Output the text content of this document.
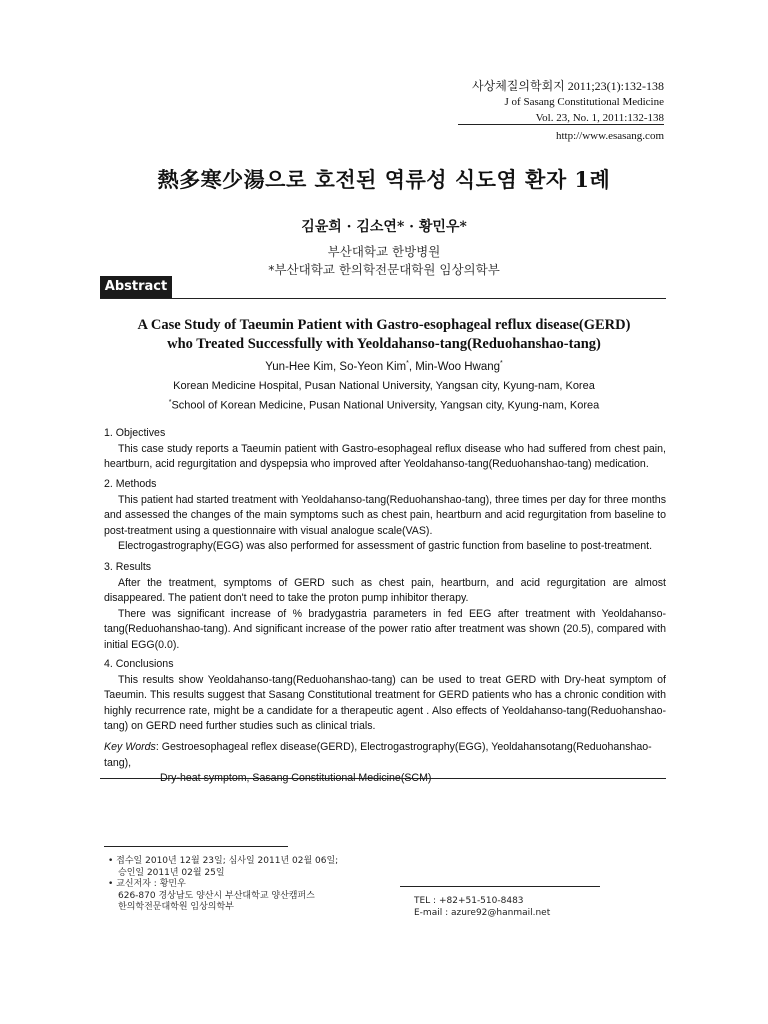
사상체질의학회지 2011;23(1):132-138
J of Sasang Constitutional Medicine
Vol. 23, No. 1, 2011:132-138
http://www.esasang.com
熱多寒少湯으로 호전된 역류성 식도염 환자 1례
김윤희 · 김소연* · 황민우*
부산대학교 한방병원
*부산대학교 한의학전문대학원 임상의학부
Abstract
A Case Study of Taeumin Patient with Gastro-esophageal reflux disease(GERD)
who Treated Successfully with Yeoldahanso-tang(Reduohanshao-tang)
Yun-Hee Kim, So-Yeon Kim*, Min-Woo Hwang*
Korean Medicine Hospital, Pusan National University, Yangsan city, Kyung-nam, Korea
*School of Korean Medicine, Pusan National University, Yangsan city, Kyung-nam, Korea
1. Objectives
This case study reports a Taeumin patient with Gastro-esophageal reflux disease who had suffered from chest pain, heartburn, acid regurgitation and dyspepsia who improved after Yeoldahanso-tang(Reduohanshao-tang) medication.
2. Methods
This patient had started treatment with Yeoldahanso-tang(Reduohanshao-tang), three times per day for three months and assessed the changes of the main symptoms such as chest pain, heartburn and acid regurgitation from baseline to post-treatment using a questionnaire with visual analogue scale(VAS).
Electrogastrography(EGG) was also performed for assessment of gastric function from baseline to post-treatment.
3. Results
After the treatment, symptoms of GERD such as chest pain, heartburn, and acid regurgitation are almost disappeared. The patient don't need to take the proton pump inhibitor therapy.
There was significant increase of % bradygastria parameters in fed EEG after treatment with Yeoldahanso-tang(Reduohanshao-tang). And significant increase of the power ratio after treatment was shown (20.5), compared with initial EGG(0.0).
4. Conclusions
This results show Yeoldahanso-tang(Reduohanshao-tang) can be used to treat GERD with Dry-heat symptom of Taeumin. This results suggest that Sasang Constitutional treatment for GERD patients who has a chronic condition with highly recurrence rate, might be a candidate for a therapeutic agent . Also effects of Yeoldahanso-tang(Reduohanshao-tang) on GERD need further studies such as clinical trials.
Key Words: Gestroesophageal reflex disease(GERD), Electrogastrography(EGG), Yeoldahansotang(Reduohanshao-tang),
Dry-heat symptom, Sasang Constitutional Medicine(SCM)
• 접수일 2010년 12월 23일; 심사일 2011년 02월 06일;
승인일 2011년 02월 25일
• 교신저자 : 황민우
626-870 경상남도 양산시 부산대학교 양산캠퍼스
한의학전문대학원 임상의학부
TEL : +82+51-510-8483
E-mail : azure92@hanmail.net
